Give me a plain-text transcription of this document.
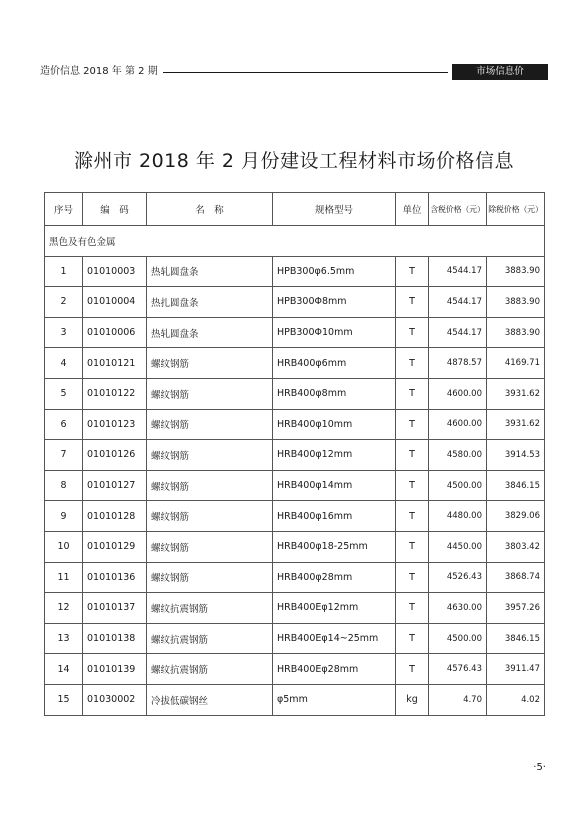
造价信息 2018 年 第 2 期	市场信息价
滁州市 2018 年 2 月份建设工程材料市场价格信息
序号	编　码	名　称	规格型号	单位	含税价格（元）	除税价格（元）
黑色及有色金属						
1	01010003	热轧圆盘条	HPB300φ6.5mm	T	4544.17	3883.90
2	01010004	热扎圆盘条	HPB300Φ8mm	T	4544.17	3883.90
3	01010006	热轧圆盘条	HPB300Φ10mm	T	4544.17	3883.90
4	01010121	螺纹钢筋	HRB400φ6mm	T	4878.57	4169.71
5	01010122	螺纹钢筋	HRB400φ8mm	T	4600.00	3931.62
6	01010123	螺纹钢筋	HRB400φ10mm	T	4600.00	3931.62
7	01010126	螺纹钢筋	HRB400φ12mm	T	4580.00	3914.53
8	01010127	螺纹钢筋	HRB400φ14mm	T	4500.00	3846.15
9	01010128	螺纹钢筋	HRB400φ16mm	T	4480.00	3829.06
10	01010129	螺纹钢筋	HRB400φ18-25mm	T	4450.00	3803.42
11	01010136	螺纹钢筋	HRB400φ28mm	T	4526.43	3868.74
12	01010137	螺纹抗震钢筋	HRB400Eφ12mm	T	4630.00	3957.26
13	01010138	螺纹抗震钢筋	HRB400Eφ14~25mm	T	4500.00	3846.15
14	01010139	螺纹抗震钢筋	HRB400Eφ28mm	T	4576.43	3911.47
15	01030002	冷拔低碳钢丝	φ5mm	kg	4.70	4.02
·5·
